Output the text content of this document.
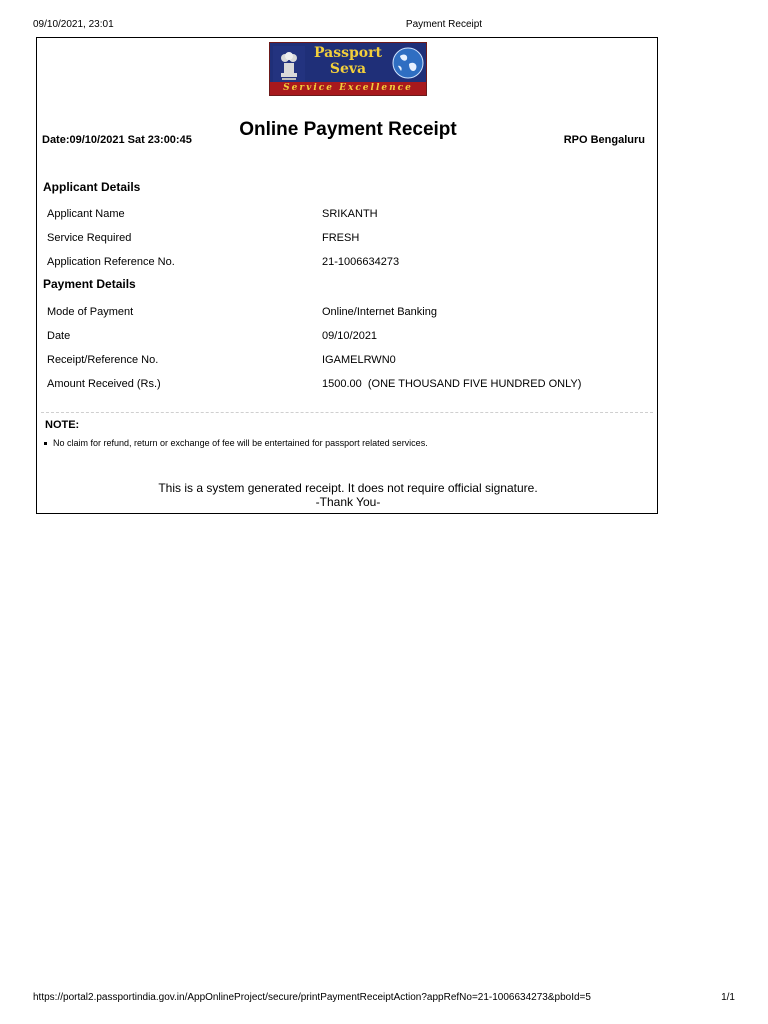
09/10/2021, 23:01	Payment Receipt
Passport
Seva
Service Excellence
Date:09/10/2021 Sat 23:00:45	Online Payment Receipt	RPO Bengaluru
Applicant Details
Applicant Name	SRIKANTH
Service Required	FRESH
Application Reference No.	21-1006634273
Payment Details
Mode of Payment	Online/Internet Banking
Date	09/10/2021
Receipt/Reference No.	IGAMELRWN0
Amount Received (Rs.)	1500.00  (ONE THOUSAND FIVE HUNDRED ONLY)
NOTE:
No claim for refund, return or exchange of fee will be entertained for passport related services.
This is a system generated receipt. It does not require official signature.
-Thank You-
https://portal2.passportindia.gov.in/AppOnlineProject/secure/printPaymentReceiptAction?appRefNo=21-1006634273&pboId=5	1/1
